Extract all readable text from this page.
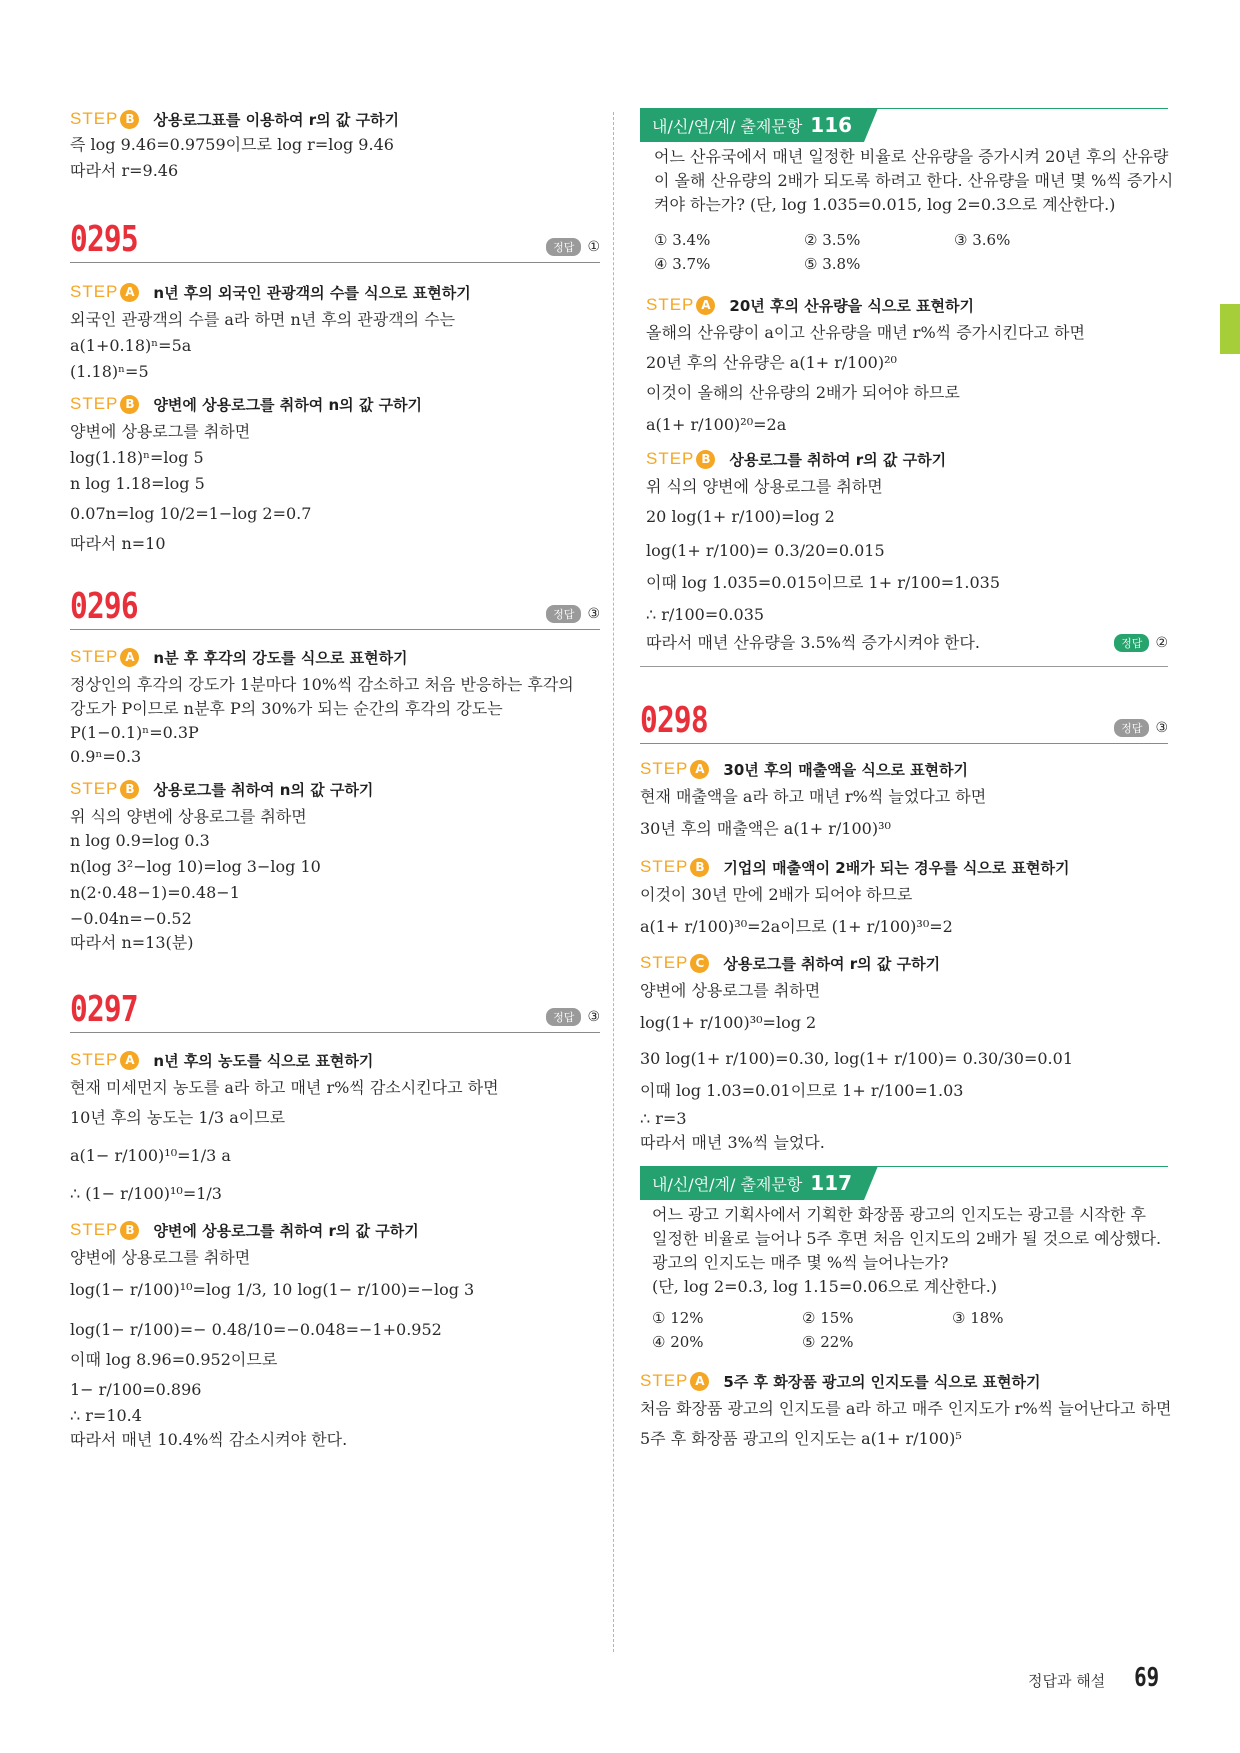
STEP B	상용로그표를 이용하여 r의 값 구하기

즉 log 9.46=0.9759이므로 log r=log 9.46

따라서 r=9.46

0295	정답 ①
STEP A	n년 후의 외국인 관광객의 수를 식으로 표현하기

외국인 관광객의 수를 a라 하면 n년 후의 관광객의 수는

a(1+0.18)ⁿ=5a

(1.18)ⁿ=5

STEP B	양변에 상용로그를 취하여 n의 값 구하기

양변에 상용로그를 취하면

log(1.18)ⁿ=log 5

n log 1.18=log 5

0.07n=log 10/2=1−log 2=0.7

따라서 n=10

0296	정답 ③
STEP A	n분 후 후각의 강도를 식으로 표현하기

정상인의 후각의 강도가 1분마다 10%씩 감소하고 처음 반응하는 후각의

강도가 P이므로 n분후 P의 30%가 되는 순간의 후각의 강도는

P(1−0.1)ⁿ=0.3P

0.9ⁿ=0.3

STEP B	상용로그를 취하여 n의 값 구하기

위 식의 양변에 상용로그를 취하면

n log 0.9=log 0.3

n(log 3²−log 10)=log 3−log 10

n(2·0.48−1)=0.48−1

−0.04n=−0.52

따라서 n=13(분)

0297	정답 ③
STEP A	n년 후의 농도를 식으로 표현하기

현재 미세먼지 농도를 a라 하고 매년 r%씩 감소시킨다고 하면

10년 후의 농도는 1/3 a이므로

a(1− r/100)¹⁰=1/3 a

∴ (1− r/100)¹⁰=1/3

STEP B	양변에 상용로그를 취하여 r의 값 구하기

양변에 상용로그를 취하면

log(1− r/100)¹⁰=log 1/3, 10 log(1− r/100)=−log 3

log(1− r/100)=− 0.48/10=−0.048=−1+0.952

이때 log 8.96=0.952이므로

1− r/100=0.896

∴ r=10.4

따라서 매년 10.4%씩 감소시켜야 한다.

내/신/연/계/ 출제문항 116

어느 산유국에서 매년 일정한 비율로 산유량을 증가시켜 20년 후의 산유량

이 올해 산유량의 2배가 되도록 하려고 한다. 산유량을 매년 몇 %씩 증가시

켜야 하는가? (단, log 1.035=0.015, log 2=0.3으로 계산한다.)

① 3.4%	② 3.5%	③ 3.6%
④ 3.7%	⑤ 3.8%
STEP A	20년 후의 산유량을 식으로 표현하기

올해의 산유량이 a이고 산유량을 매년 r%씩 증가시킨다고 하면

20년 후의 산유량은 a(1+ r/100)²⁰

이것이 올해의 산유량의 2배가 되어야 하므로

a(1+ r/100)²⁰=2a

STEP B	상용로그를 취하여 r의 값 구하기

위 식의 양변에 상용로그를 취하면

20 log(1+ r/100)=log 2

log(1+ r/100)= 0.3/20=0.015

이때 log 1.035=0.015이므로 1+ r/100=1.035

∴ r/100=0.035

따라서 매년 산유량을 3.5%씩 증가시켜야 한다.	정답 ②
0298	정답 ③
STEP A	30년 후의 매출액을 식으로 표현하기

현재 매출액을 a라 하고 매년 r%씩 늘었다고 하면

30년 후의 매출액은 a(1+ r/100)³⁰

STEP B	기업의 매출액이 2배가 되는 경우를 식으로 표현하기

이것이 30년 만에 2배가 되어야 하므로

a(1+ r/100)³⁰=2a이므로 (1+ r/100)³⁰=2

STEP C	상용로그를 취하여 r의 값 구하기

양변에 상용로그를 취하면

log(1+ r/100)³⁰=log 2

30 log(1+ r/100)=0.30, log(1+ r/100)= 0.30/30=0.01

이때 log 1.03=0.01이므로 1+ r/100=1.03

∴ r=3

따라서 매년 3%씩 늘었다.

내/신/연/계/ 출제문항 117

어느 광고 기획사에서 기획한 화장품 광고의 인지도는 광고를 시작한 후

일정한 비율로 늘어나 5주 후면 처음 인지도의 2배가 될 것으로 예상했다.

광고의 인지도는 매주 몇 %씩 늘어나는가?

(단, log 2=0.3, log 1.15=0.06으로 계산한다.)

① 12%	② 15%	③ 18%
④ 20%	⑤ 22%
STEP A	5주 후 화장품 광고의 인지도를 식으로 표현하기

처음 화장품 광고의 인지도를 a라 하고 매주 인지도가 r%씩 늘어난다고 하면

5주 후 화장품 광고의 인지도는 a(1+ r/100)⁵

정답과 해설 69
